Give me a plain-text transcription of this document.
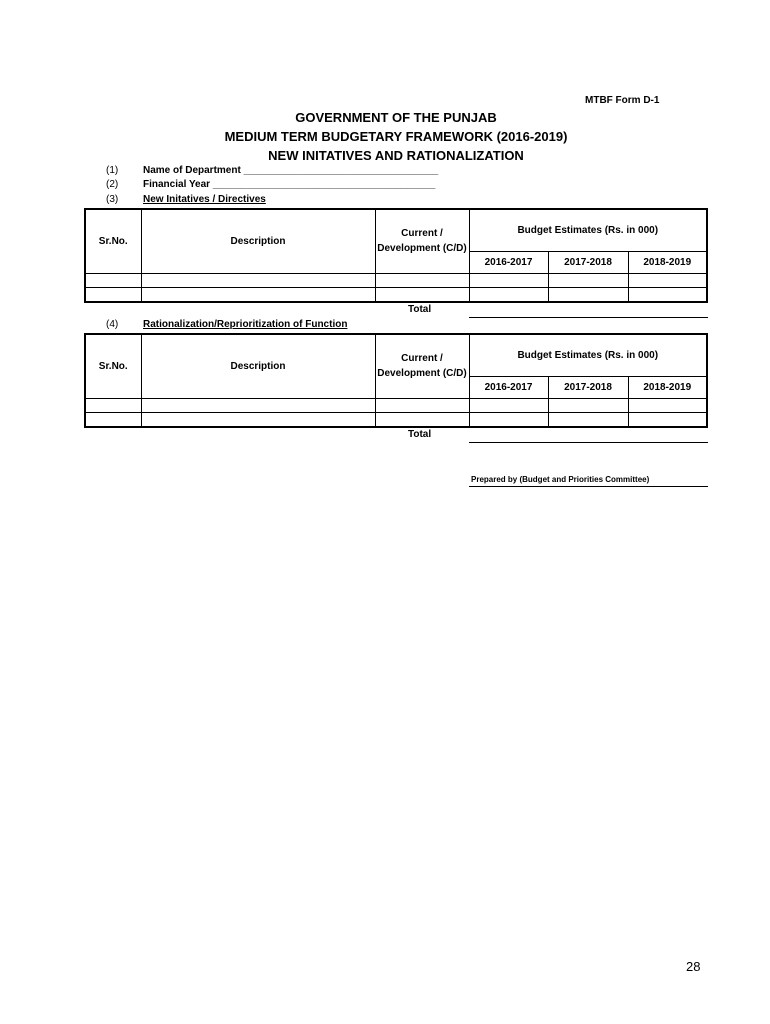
MTBF Form D-1
GOVERNMENT OF THE PUNJAB
MEDIUM TERM BUDGETARY FRAMEWORK (2016-2019)
NEW INITATIVES AND RATIONALIZATION
(1) Name of Department ___________________________________
(2) Financial Year ________________________________________
(3) New Initatives / Directives
Sr.No.	Description	Current / Development (C/D)	Budget Estimates (Rs. in 000)		
			2016-2017	2017-2018	2018-2019

Total
(4) Rationalization/Reprioritization of Function
Sr.No.	Description	Current / Development (C/D)	Budget Estimates (Rs. in 000)		
			2016-2017	2017-2018	2018-2019

Total
Prepared by (Budget and Priorities Committee)
28
